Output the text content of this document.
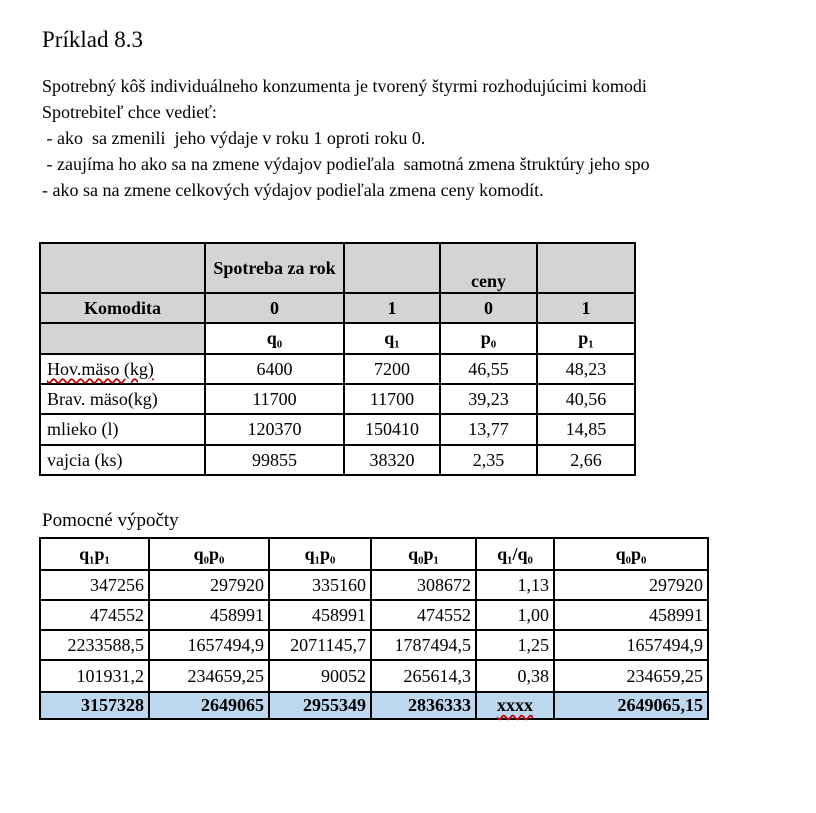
Príklad 8.3
Spotrebný kôš individuálneho konzumenta je tvorený štyrmi rozhodujúcimi komodi
Spotrebiteľ chce vedieť:
- ako  sa zmenili  jeho výdaje v roku 1 oproti roku 0.
- zaujíma ho ako sa na zmene výdajov podieľala  samotná zmena štruktúry jeho spo
- ako sa na zmene celkových výdajov podieľala zmena ceny komodít.
	Spotreba za rok		ceny	
Komodita	0	1	0	1
	q₀	q₁	p₀	p₁
Hov.mäso (kg)	6400	7200	46,55	48,23
Brav. mäso(kg)	11700	11700	39,23	40,56
mlieko (l)	120370	150410	13,77	14,85
vajcia (ks)	99855	38320	2,35	2,66
Pomocné výpočty
q₁p₁	q₀p₀	q₁p₀	q₀p₁	q₁/q₀	q₀p₀
347256	297920	335160	308672	1,13	297920
474552	458991	458991	474552	1,00	458991
2233588,5	1657494,9	2071145,7	1787494,5	1,25	1657494,9
101931,2	234659,25	90052	265614,3	0,38	234659,25
3157328	2649065	2955349	2836333	xxxx	2649065,15
